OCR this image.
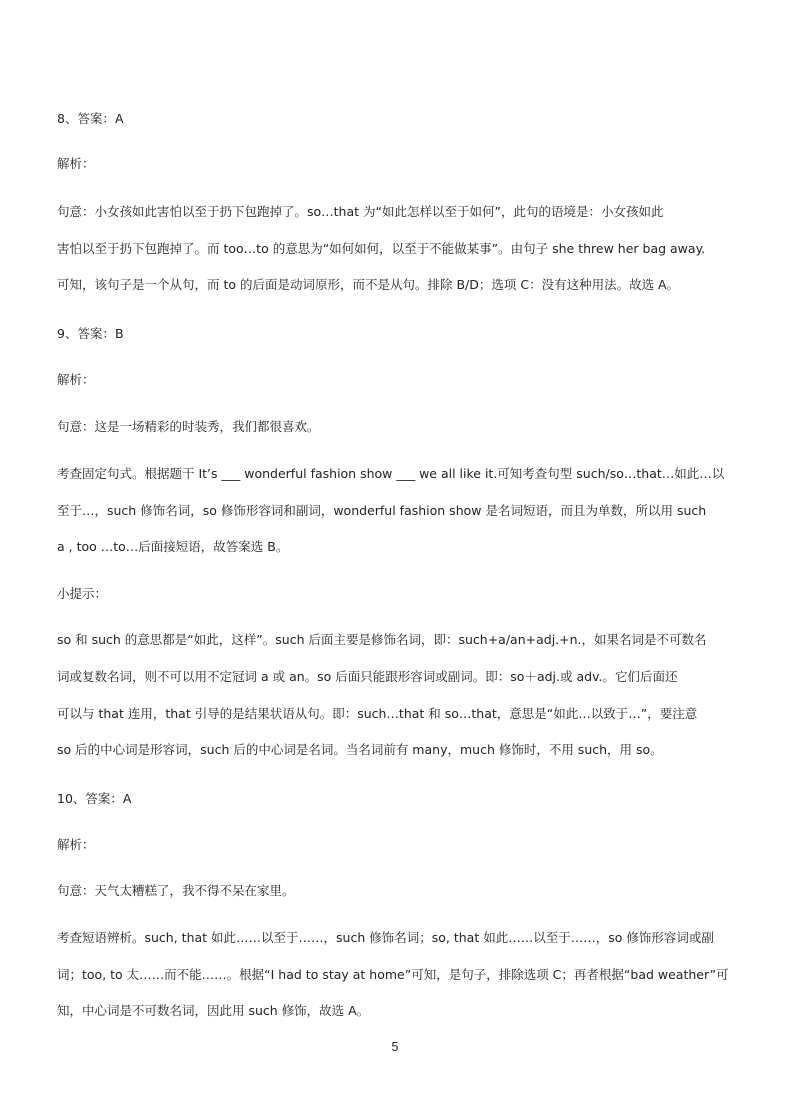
8、答案：A
解析：
句意：小女孩如此害怕以至于扔下包跑掉了。so…that 为“如此怎样以至于如何”，此句的语境是：小女孩如此
害怕以至于扔下包跑掉了。而 too…to 的意思为“如何如何，以至于不能做某事”。由句子 she threw her bag away.
可知，该句子是一个从句，而 to 的后面是动词原形，而不是从句。排除 B/D；选项 C：没有这种用法。故选 A。
9、答案：B
解析：
句意：这是一场精彩的时装秀，我们都很喜欢。
考查固定句式。根据题干 It’s ___ wonderful fashion show ___ we all like it.可知考查句型 such/so…that…如此…以
至于…，such 修饰名词，so 修饰形容词和副词，wonderful fashion show 是名词短语，而且为单数，所以用 such
a , too …to…后面接短语，故答案选 B。
小提示：
so 和 such 的意思都是“如此，这样”。such 后面主要是修饰名词，即：such+a/an+adj.+n.，如果名词是不可数名
词或复数名词，则不可以用不定冠词 a 或 an。so 后面只能跟形容词或副词。即：so＋adj.或 adv.。它们后面还
可以与 that 连用，that 引导的是结果状语从句。即：such…that 和 so…that，意思是“如此…以致于…”，要注意
so 后的中心词是形容词，such 后的中心词是名词。当名词前有 many，much 修饰时，不用 such，用 so。
10、答案：A
解析：
句意：天气太糟糕了，我不得不呆在家里。
考查短语辨析。such, that 如此……以至于……，such 修饰名词；so, that 如此……以至于……，so 修饰形容词或副
词；too, to 太……而不能……。根据“I had to stay at home”可知，是句子，排除选项 C；再者根据“bad weather”可
知，中心词是不可数名词，因此用 such 修饰，故选 A。
5
